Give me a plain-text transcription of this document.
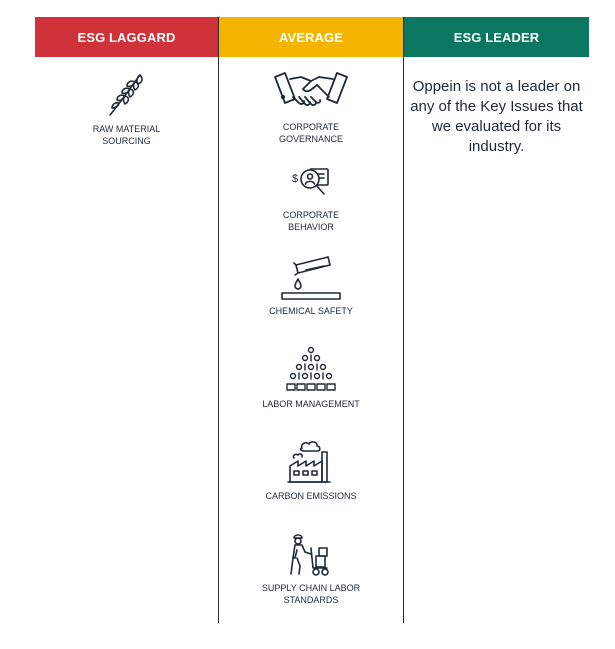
ESG LAGGARD	AVERAGE	ESG LEADER
RAW MATERIAL SOURCING
CORPORATE GOVERNANCE
$
CORPORATE BEHAVIOR
CHEMICAL SAFETY
LABOR MANAGEMENT
CARBON EMISSIONS
SUPPLY CHAIN LABOR STANDARDS
Oppein is not a leader on any of the Key Issues that we evaluated for its industry.
